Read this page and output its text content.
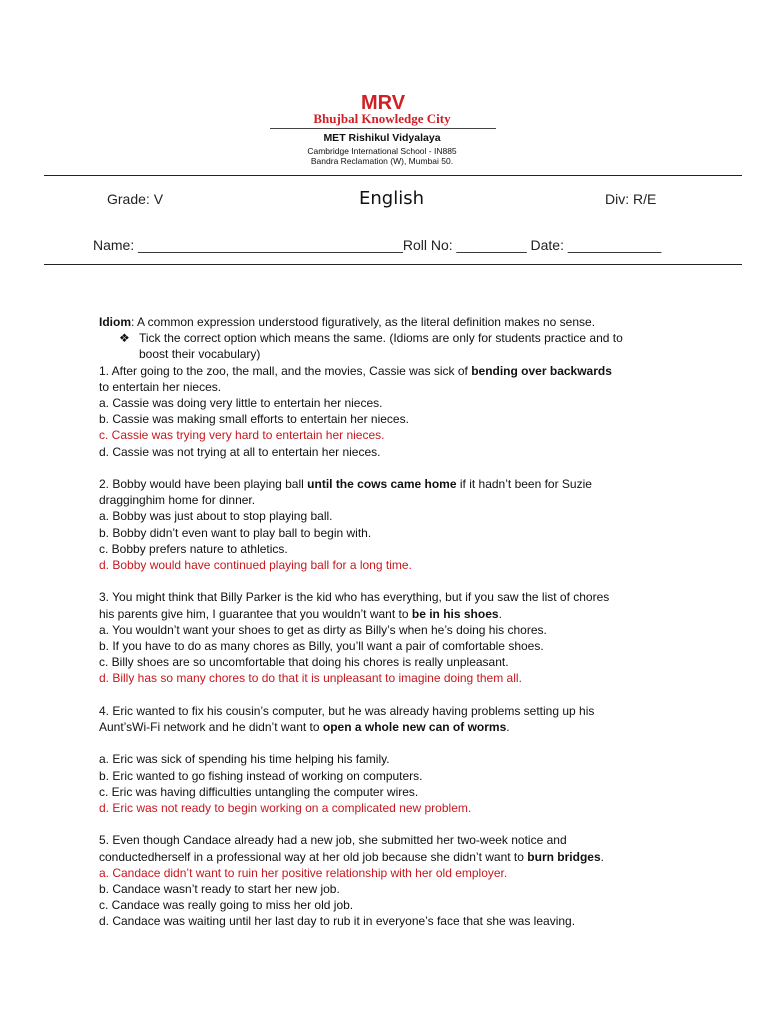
MRV
Bhujbal Knowledge City
MET Rishikul Vidyalaya
Cambridge International School - IN885
Bandra Reclamation (W), Mumbai 50.
Grade: V	English	Div: R/E
Name: __________________________________Roll No: _________ Date: ____________
Idiom: A common expression understood figuratively, as the literal definition makes no sense.
❖ Tick the correct option which means the same. (Idioms are only for students practice and to
boost their vocabulary)
1. After going to the zoo, the mall, and the movies, Cassie was sick of bending over backwards
to entertain her nieces.
a. Cassie was doing very little to entertain her nieces.
b. Cassie was making small efforts to entertain her nieces.
c. Cassie was trying very hard to entertain her nieces.
d. Cassie was not trying at all to entertain her nieces.
2. Bobby would have been playing ball until the cows came home if it hadn’t been for Suzie
dragginghim home for dinner.
a. Bobby was just about to stop playing ball.
b. Bobby didn’t even want to play ball to begin with.
c. Bobby prefers nature to athletics.
d. Bobby would have continued playing ball for a long time.
3. You might think that Billy Parker is the kid who has everything, but if you saw the list of chores
his parents give him, I guarantee that you wouldn’t want to be in his shoes.
a. You wouldn’t want your shoes to get as dirty as Billy’s when he’s doing his chores.
b. If you have to do as many chores as Billy, you’ll want a pair of comfortable shoes.
c. Billy shoes are so uncomfortable that doing his chores is really unpleasant.
d. Billy has so many chores to do that it is unpleasant to imagine doing them all.
4. Eric wanted to fix his cousin’s computer, but he was already having problems setting up his
Aunt’sWi-Fi network and he didn’t want to open a whole new can of worms.
a. Eric was sick of spending his time helping his family.
b. Eric wanted to go fishing instead of working on computers.
c. Eric was having difficulties untangling the computer wires.
d. Eric was not ready to begin working on a complicated new problem.
5. Even though Candace already had a new job, she submitted her two-week notice and
conductedherself in a professional way at her old job because she didn’t want to burn bridges.
a. Candace didn’t want to ruin her positive relationship with her old employer.
b. Candace wasn’t ready to start her new job.
c. Candace was really going to miss her old job.
d. Candace was waiting until her last day to rub it in everyone’s face that she was leaving.
